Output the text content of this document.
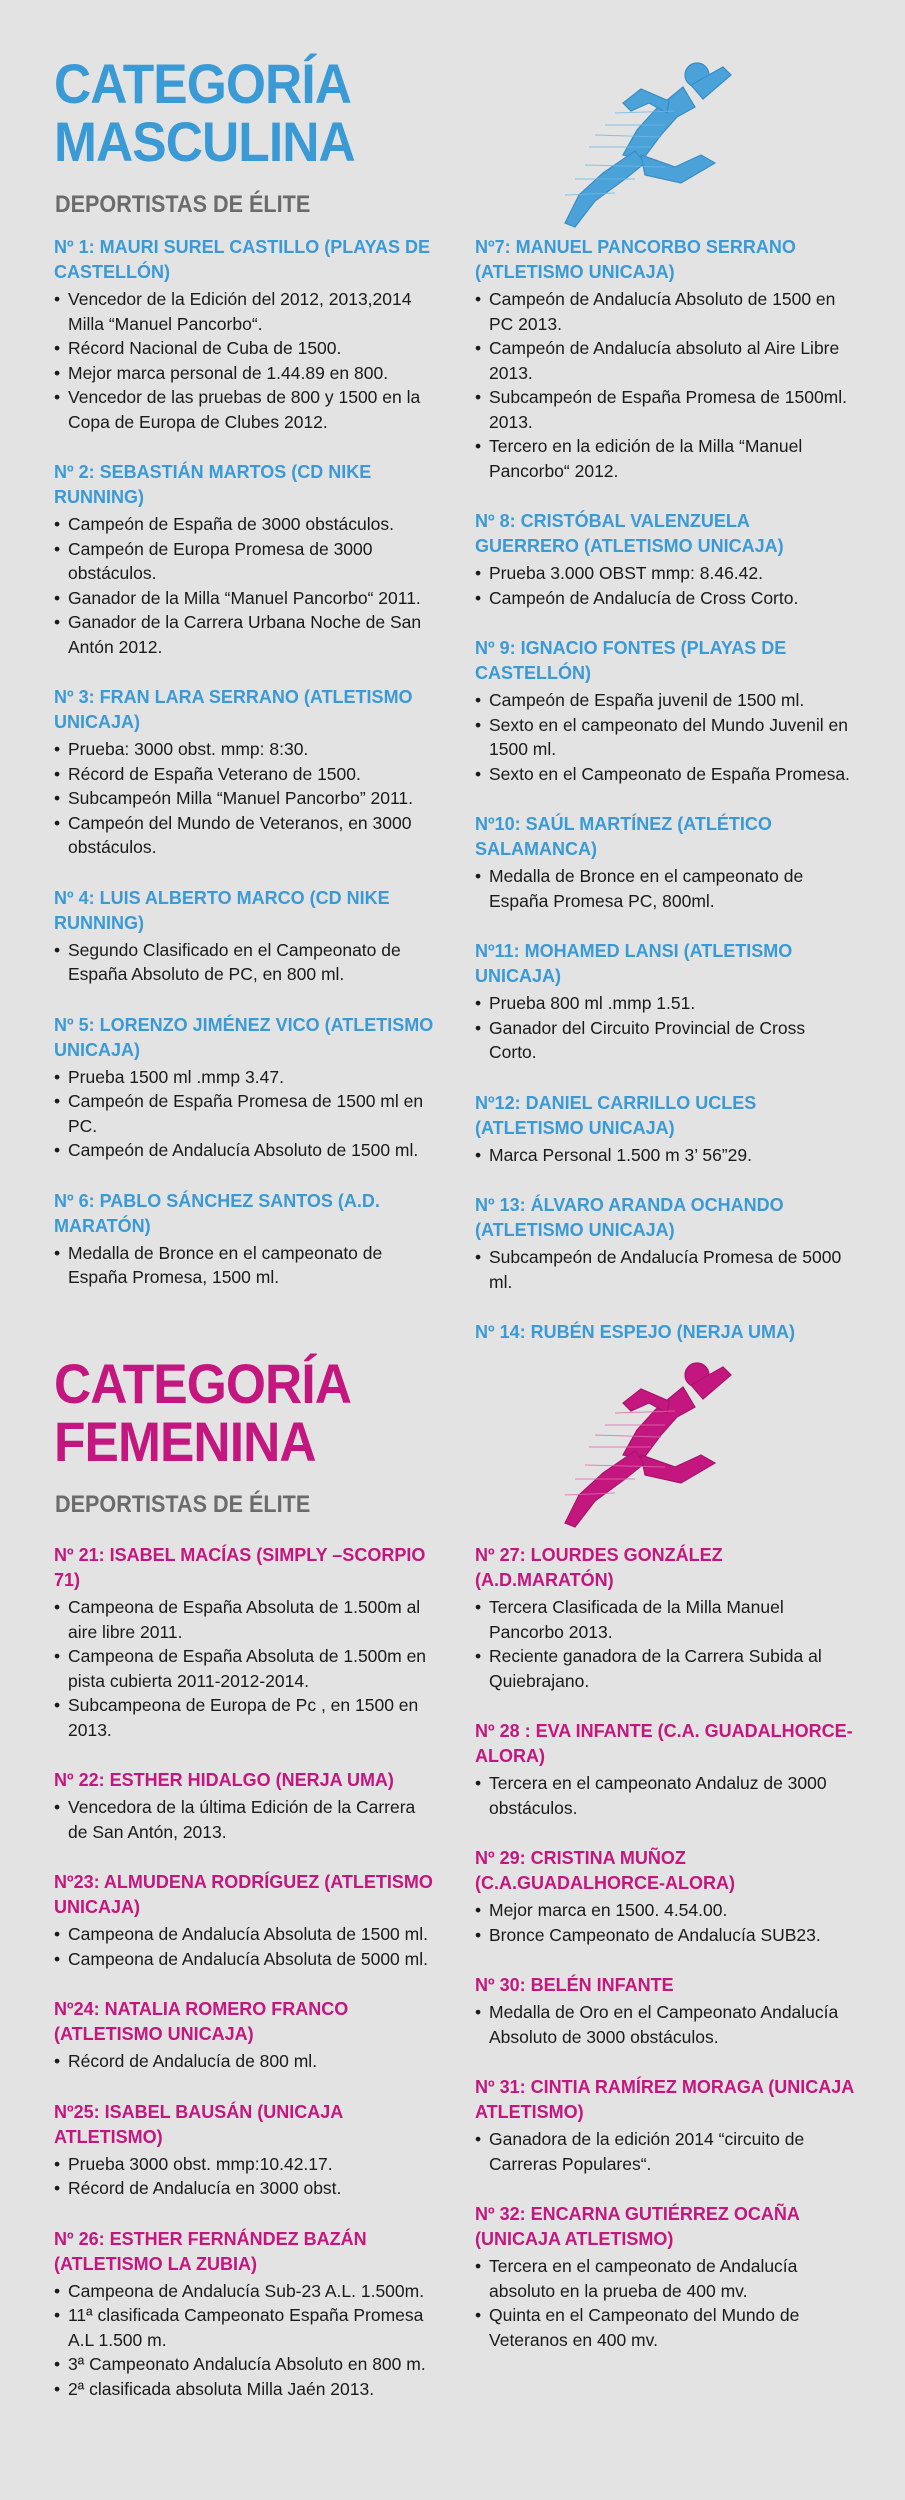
CATEGORÍA
MASCULINA
DEPORTISTAS DE ÉLITE

Nº 1: MAURI SUREL CASTILLO (PLAYAS DE CASTELLÓN)

• Vencedor de la Edición del 2012, 2013,2014 Milla “Manuel Pancorbo“.
• Récord Nacional de Cuba de 1500.
• Mejor marca personal de 1.44.89 en 800.
• Vencedor de las pruebas de 800 y 1500 en la Copa de Europa de Clubes 2012.

Nº 2: SEBASTIÁN MARTOS (CD NIKE RUNNING)

• Campeón de España de 3000 obstáculos.
• Campeón de Europa Promesa de 3000 obstáculos.
• Ganador de la Milla “Manuel Pancorbo“ 2011.
• Ganador de la Carrera Urbana Noche de San Antón 2012.

Nº 3: FRAN LARA SERRANO (ATLETISMO UNICAJA)

• Prueba: 3000 obst. mmp: 8:30.
• Récord de España Veterano de 1500.
• Subcampeón Milla “Manuel Pancorbo” 2011.
• Campeón del Mundo de Veteranos, en 3000 obstáculos.

Nº 4: LUIS ALBERTO MARCO (CD NIKE RUNNING)

• Segundo Clasificado en el Campeonato de España Absoluto de PC, en 800 ml.

Nº 5: LORENZO JIMÉNEZ VICO (ATLETISMO UNICAJA)

• Prueba 1500 ml .mmp 3.47.
• Campeón de España Promesa de 1500 ml en PC.
• Campeón de Andalucía Absoluto de 1500 ml.

Nº 6: PABLO SÁNCHEZ SANTOS (A.D. MARATÓN)

• Medalla de Bronce en el campeonato de España Promesa, 1500 ml.

Nº7: MANUEL PANCORBO SERRANO (ATLETISMO UNICAJA)

• Campeón de Andalucía Absoluto de 1500 en PC 2013.
• Campeón de Andalucía absoluto al Aire Libre 2013.
• Subcampeón de España Promesa de 1500ml. 2013.
• Tercero en la edición de la Milla “Manuel Pancorbo“ 2012.

Nº 8: CRISTÓBAL VALENZUELA GUERRERO (ATLETISMO UNICAJA)

• Prueba 3.000 OBST mmp: 8.46.42.
• Campeón de Andalucía de Cross Corto.

Nº 9: IGNACIO FONTES (PLAYAS DE CASTELLÓN)

• Campeón de España juvenil de 1500 ml.
• Sexto en el campeonato del Mundo Juvenil en 1500 ml.
• Sexto en el Campeonato de España Promesa.

Nº10: SAÚL MARTÍNEZ (ATLÉTICO SALAMANCA)

• Medalla de Bronce en el campeonato de España Promesa PC, 800ml.

Nº11: MOHAMED LANSI (ATLETISMO UNICAJA)

• Prueba 800 ml .mmp 1.51.
• Ganador del Circuito Provincial de Cross Corto.

Nº12: DANIEL CARRILLO UCLES (ATLETISMO UNICAJA)

• Marca Personal 1.500 m 3’ 56”29.

Nº 13: ÁLVARO ARANDA OCHANDO (ATLETISMO UNICAJA)

• Subcampeón de Andalucía Promesa de 5000 ml.

Nº 14: RUBÉN ESPEJO (NERJA UMA)

CATEGORÍA
FEMENINA
DEPORTISTAS DE ÉLITE

Nº 21: ISABEL MACÍAS (SIMPLY –SCORPIO 71)

• Campeona de España Absoluta de 1.500m al aire libre 2011.
• Campeona de España Absoluta de 1.500m en pista cubierta 2011-2012-2014.
• Subcampeona de Europa de Pc , en 1500 en 2013.

Nº 22: ESTHER HIDALGO (NERJA UMA)

• Vencedora de la última Edición de la Carrera de San Antón, 2013.

Nº23: ALMUDENA RODRÍGUEZ (ATLETISMO UNICAJA)

• Campeona de Andalucía Absoluta de 1500 ml.
• Campeona de Andalucía Absoluta de 5000 ml.

Nº24: NATALIA ROMERO FRANCO (ATLETISMO UNICAJA)

• Récord de Andalucía de 800 ml.

Nº25: ISABEL BAUSÁN (UNICAJA ATLETISMO)

• Prueba 3000 obst. mmp:10.42.17.
• Récord de Andalucía en 3000 obst.

Nº 26: ESTHER FERNÁNDEZ BAZÁN (ATLETISMO LA ZUBIA)

• Campeona de Andalucía Sub-23 A.L. 1.500m.
• 11ª clasificada Campeonato España Promesa A.L 1.500 m.
• 3ª Campeonato Andalucía Absoluto en 800 m.
• 2ª clasificada absoluta Milla Jaén 2013.

Nº 27: LOURDES GONZÁLEZ (A.D.MARATÓN)

• Tercera Clasificada de la Milla Manuel Pancorbo 2013.
• Reciente ganadora de la Carrera Subida al Quiebrajano.

Nº 28 : EVA INFANTE (C.A. GUADALHORCE-ALORA)

• Tercera en el campeonato Andaluz de 3000 obstáculos.

Nº 29: CRISTINA MUÑOZ (C.A.GUADALHORCE-ALORA)

• Mejor marca en 1500. 4.54.00.
• Bronce Campeonato de Andalucía SUB23.

Nº 30: BELÉN INFANTE

• Medalla de Oro en el Campeonato Andalucía Absoluto de 3000 obstáculos.

Nº 31: CINTIA RAMÍREZ MORAGA (UNICAJA ATLETISMO)

• Ganadora de la edición 2014 “circuito de Carreras Populares“.

Nº 32: ENCARNA GUTIÉRREZ OCAÑA (UNICAJA ATLETISMO)

• Tercera en el campeonato de Andalucía absoluto en la prueba de 400 mv.
• Quinta en el Campeonato del Mundo de Veteranos en 400 mv.
